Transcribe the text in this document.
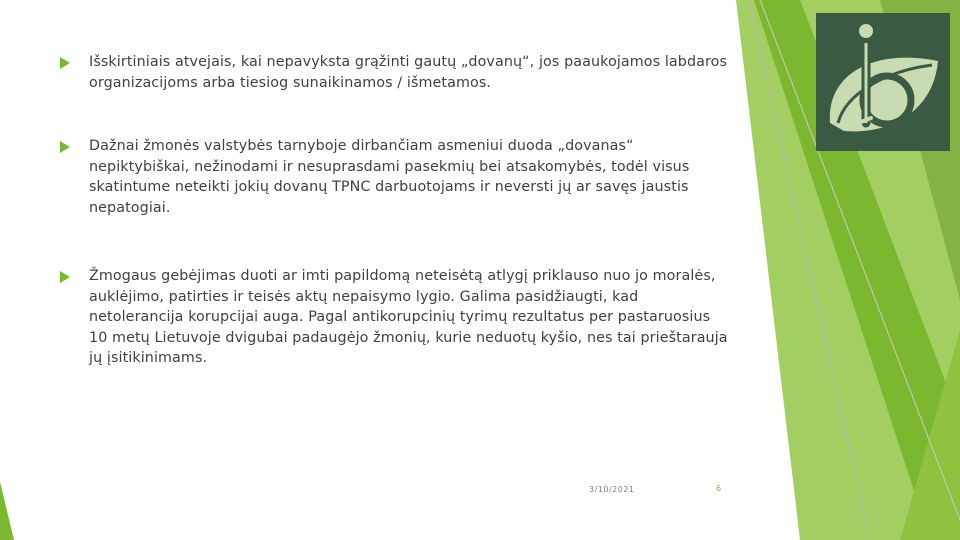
Išskirtiniais atvejais, kai nepavyksta grąžinti gautų „dovanų“, jos paaukojamos labdaros organizacijoms arba tiesiog sunaikinamos / išmetamos.
Dažnai žmonės valstybės tarnyboje dirbančiam asmeniui duoda „dovanas“ nepiktybiškai, nežinodami ir nesuprasdami pasekmių bei atsakomybės, todėl visus skatintume neteikti jokių dovanų TPNC darbuotojams ir neversti jų ar savęs jaustis nepatogiai.
Žmogaus gebėjimas duoti ar imti papildomą neteisėtą atlygį priklauso nuo jo moralės, auklėjimo, patirties ir teisės aktų nepaisymo lygio. Galima pasidžiaugti, kad netolerancija korupcijai auga. Pagal antikorupcinių tyrimų rezultatus per pastaruosius 10 metų Lietuvoje dvigubai padaugėjo žmonių, kurie neduotų kyšio, nes tai prieštarauja jų įsitikinimams.
3/10/2021	6
